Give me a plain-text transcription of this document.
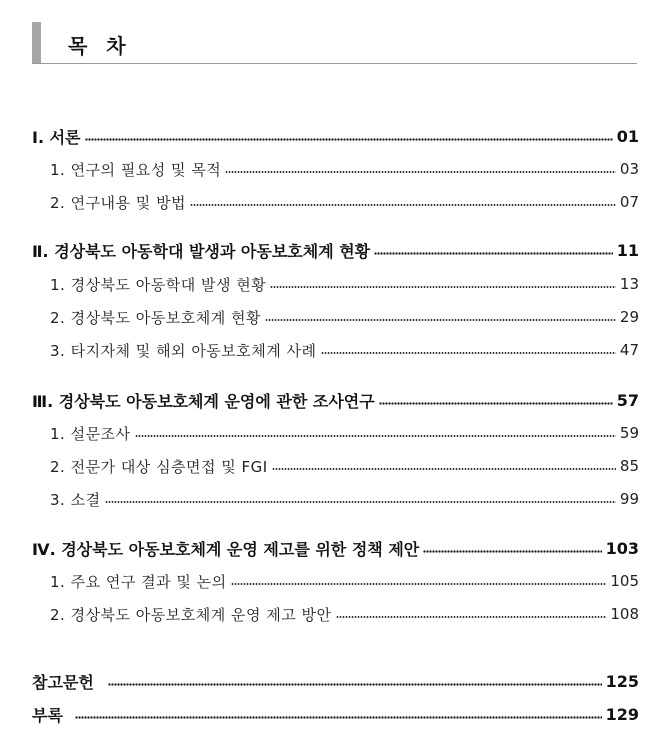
목 차
Ⅰ. 서론	01
1. 연구의 필요성 및 목적	03
2. 연구내용 및 방법	07
Ⅱ. 경상북도 아동학대 발생과 아동보호체계 현황	11
1. 경상북도 아동학대 발생 현황	13
2. 경상북도 아동보호체계 현황	29
3. 타지자체 및 해외 아동보호체계 사례	47
Ⅲ. 경상북도 아동보호체계 운영에 관한 조사연구	57
1. 설문조사	59
2. 전문가 대상 심층면접 및 FGI	85
3. 소결	99
Ⅳ. 경상북도 아동보호체계 운영 제고를 위한 정책 제안	103
1. 주요 연구 결과 및 논의	105
2. 경상북도 아동보호체계 운영 제고 방안	108
참고문헌	125
부록	129
